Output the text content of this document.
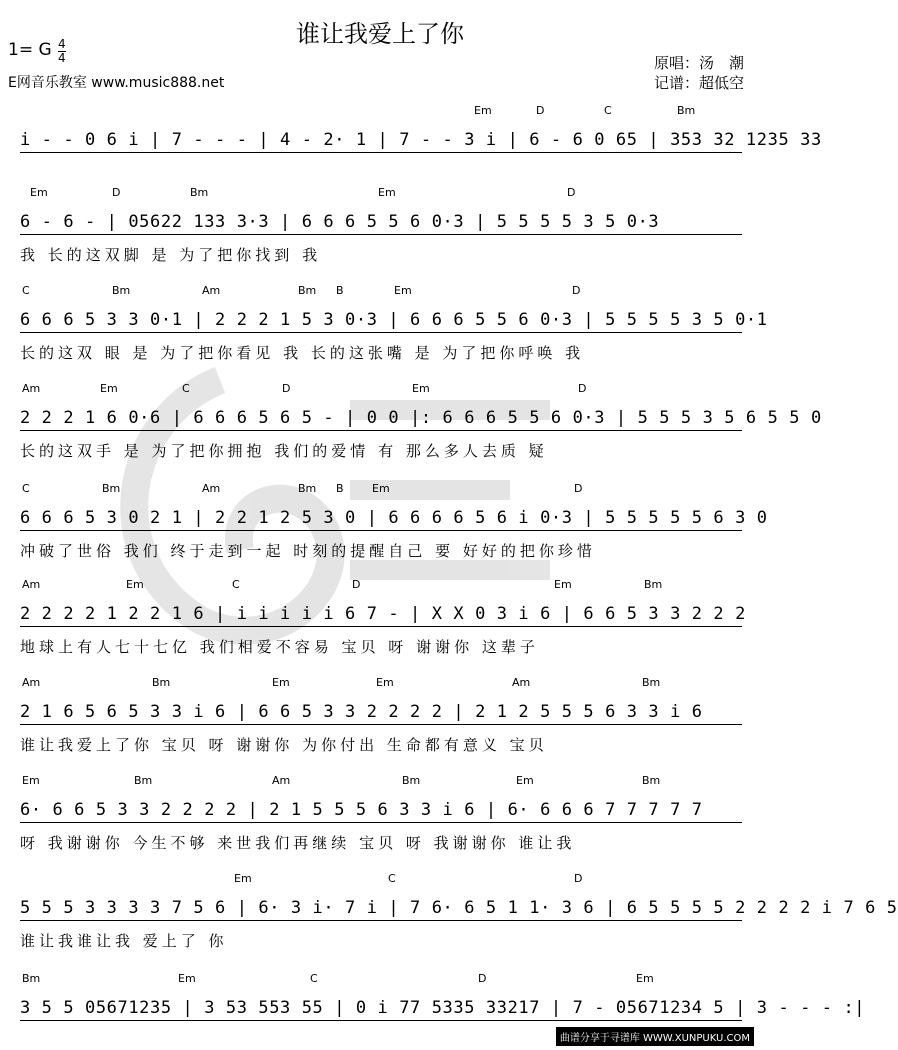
谁让我爱上了你
1= G 4
4
E网音乐教室 www.music888.net
原唱：汤　潮
记谱：超低空
Em	D	C	Bm
i - - 0 6 i | 7 - - - | 4 - 2· 1 | 7 - - 3 i | 6 - 6 0 65 | 353 32 1235 33
Em	D	Bm	Em	D
6 - 6 - | 05622 133 3·3 | 6 6 6 5 5 6 0·3 | 5 5 5 5 3 5 0·3
我 长的这双脚 是 为了把你找到 我
C	Bm	Am	Bm B	Em	D
6 6 6 5 3 3 0·1 | 2 2 2 1 5 3 0·3 | 6 6 6 5 5 6 0·3 | 5 5 5 5 3 5 0·1
长的这双 眼 是 为了把你看见 我 长的这张嘴 是 为了把你呼唤 我
Am	Em	C	D	Em	D
2 2 2 1 6 0·6 | 6 6 6 5 6 5 - | 0 0 |: 6 6 6 5 5 6 0·3 | 5 5 5 3 5 6 5 5 0
长的这双手 是 为了把你拥抱 我们的爱情 有 那么多人去质 疑
C	Bm	Am	Bm B	Em	D
6 6 6 5 3 0 2 1 | 2 2 1 2 5 3 0 | 6 6 6 6 5 6 i 0·3 | 5 5 5 5 5 6 3 0
冲破了世俗 我们 终于走到一起 时刻的提醒自己 要 好好的把你珍惜
Am	Em	C	D	Em	Bm
2 2 2 2 1 2 2 1 6 | i i i i i 6 7 - | X X 0 3 i 6 | 6 6 5 3 3 2 2 2
地球上有人七十七亿 我们相爱不容易 宝贝 呀 谢谢你 这辈子
Am	Bm	Em	Em	Am	Bm
2 1 6 5 6 5 3 3 i 6 | 6 6 5 3 3 2 2 2 2 | 2 1 2 5 5 5 6 3 3 i 6
谁让我爱上了你 宝贝 呀 谢谢你 为你付出 生命都有意义 宝贝
Em	Bm	Am	Bm	Em	Bm
6· 6 6 5 3 3 2 2 2 2 | 2 1 5 5 5 6 3 3 i 6 | 6· 6 6 6 7 7 7 7 7
呀 我谢谢你 今生不够 来世我们再继续 宝贝 呀 我谢谢你 谁让我
Em	C	D
5 5 5 3 3 3 3 7 5 6 | 6· 3 i· 7 i | 7 6· 6 5 1 1· 3 6 | 6 5 5 5 5 2 2 2 2 i 7 6 5
谁让我谁让我 爱上了 你
Bm	Em	C	D	Em
3 5 5 05671235 | 3 53 553 55 | 0 i 77 5335 33217 | 7 - 05671234 5 | 3 - - - :|
曲谱分享于寻谱库 WWW.XUNPUKU.COM
